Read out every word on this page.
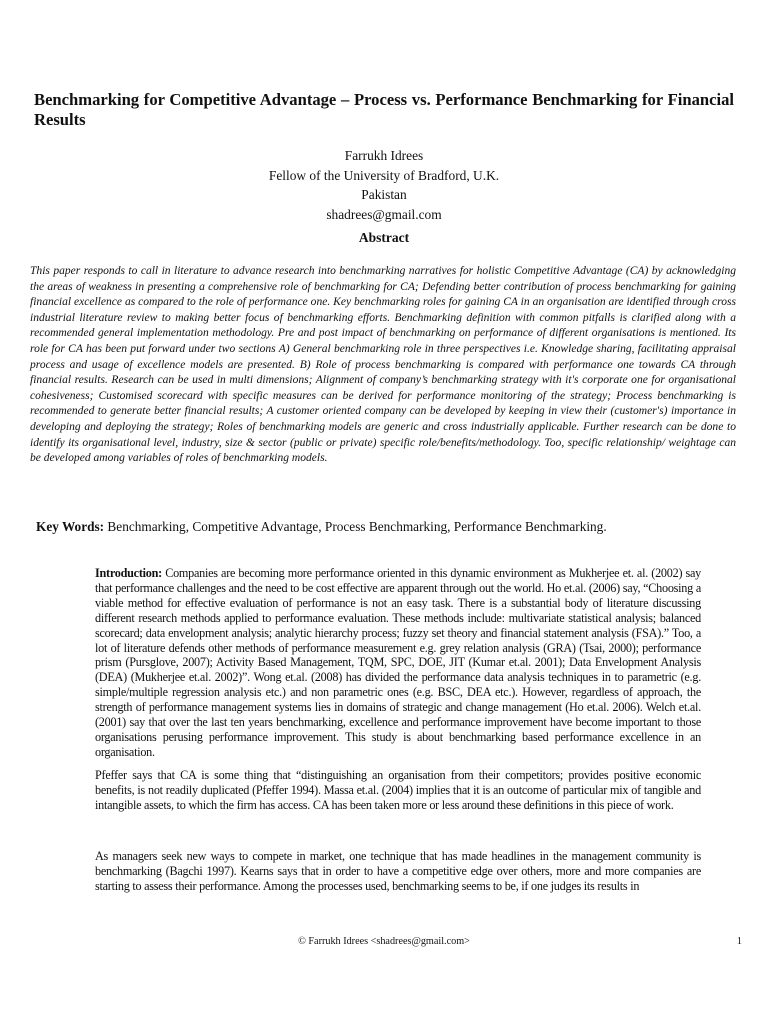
Benchmarking for Competitive Advantage – Process vs. Performance Benchmarking for Financial Results
Farrukh Idrees
Fellow of the University of Bradford, U.K.
Pakistan
shadrees@gmail.com
Abstract

This paper responds to call in literature to advance research into benchmarking narratives for holistic Competitive Advantage (CA) by acknowledging the areas of weakness in presenting a comprehensive role of benchmarking for CA; Defending better contribution of process benchmarking for gaining financial excellence as compared to the role of performance one. Key benchmarking roles for gaining CA in an organisation are identified through cross industrial literature review to making better focus of benchmarking efforts. Benchmarking definition with common pitfalls is clarified along with a recommended general implementation methodology. Pre and post impact of benchmarking on performance of different organisations is mentioned. Its role for CA has been put forward under two sections A) General benchmarking role in three perspectives i.e. Knowledge sharing, facilitating appraisal process and usage of excellence models are presented. B) Role of process benchmarking is compared with performance one towards CA through financial results. Research can be used in multi dimensions; Alignment of company’s benchmarking strategy with it's corporate one for organisational cohesiveness; Customised scorecard with specific measures can be derived for performance monitoring of the strategy; Process benchmarking is recommended to generate better financial results; A customer oriented company can be developed by keeping in view their (customer's) importance in developing and deploying the strategy; Roles of benchmarking models are generic and cross industrially applicable. Further research can be done to identify its organisational level, industry, size & sector (public or private) specific role/benefits/methodology. Too, specific relationship/ weightage can be developed among variables of roles of benchmarking models.

Key Words: Benchmarking, Competitive Advantage, Process Benchmarking, Performance Benchmarking.

Introduction: Companies are becoming more performance oriented in this dynamic environment as Mukherjee et. al. (2002) say that performance challenges and the need to be cost effective are apparent through out the world. Ho et.al. (2006) say, “Choosing a viable method for effective evaluation of performance is not an easy task. There is a substantial body of literature discussing different research methods applied to performance evaluation. These methods include: multivariate statistical analysis; balanced scorecard; data envelopment analysis; analytic hierarchy process; fuzzy set theory and financial statement analysis (FSA).” Too, a lot of literature defends other methods of performance measurement e.g. grey relation analysis (GRA) (Tsai, 2000); performance prism (Pursglove, 2007); Activity Based Management, TQM, SPC, DOE, JIT (Kumar et.al. 2001); Data Envelopment Analysis (DEA) (Mukherjee et.al. 2002)”. Wong et.al. (2008) has divided the performance data analysis techniques in to parametric (e.g. simple/multiple regression analysis etc.) and non parametric ones (e.g. BSC, DEA etc.). However, regardless of approach, the strength of performance management systems lies in domains of strategic and change management (Ho et.al. 2006). Welch et.al. (2001) say that over the last ten years benchmarking, excellence and performance improvement have become important to those organisations perusing performance improvement. This study is about benchmarking based performance excellence in an organisation.

Pfeffer says that CA is some thing that “distinguishing an organisation from their competitors; provides positive economic benefits, is not readily duplicated (Pfeffer 1994). Massa et.al. (2004) implies that it is an outcome of particular mix of tangible and intangible assets, to which the firm has access. CA has been taken more or less around these definitions in this piece of work.

As managers seek new ways to compete in market, one technique that has made headlines in the management community is benchmarking (Bagchi 1997). Kearns says that in order to have a competitive edge over others, more and more companies are starting to assess their performance. Among the processes used, benchmarking seems to be, if one judges its results in

© Farrukh Idrees <shadrees@gmail.com>	1
